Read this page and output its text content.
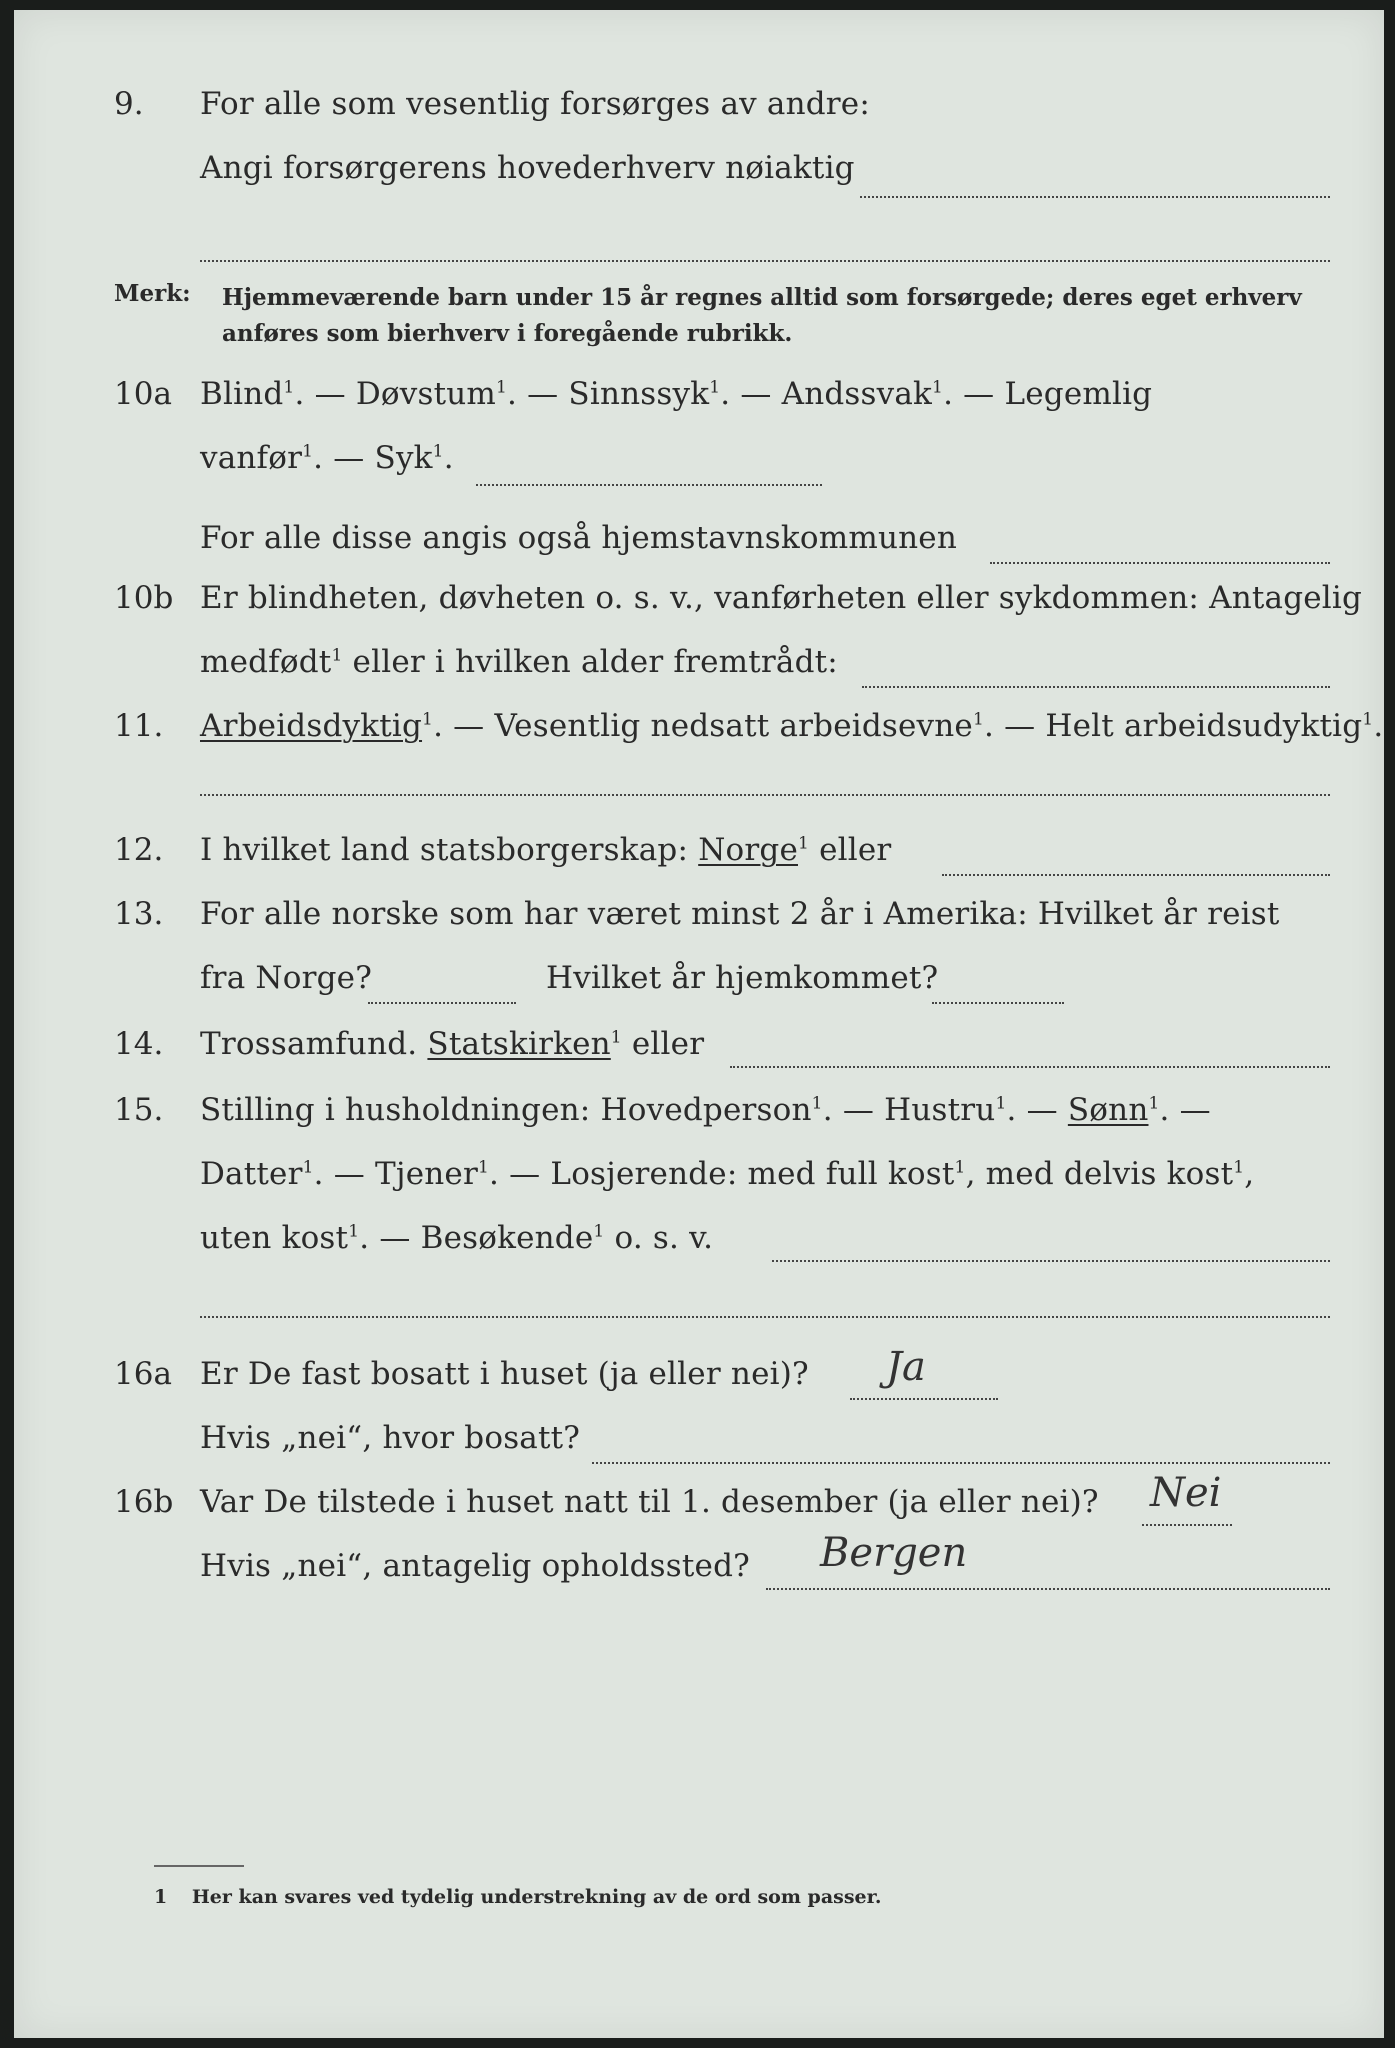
9. For alle som vesentlig forsørges av andre:
Angi forsørgerens hovederhverv nøiaktig
Merk: Hjemmeværende barn under 15 år regnes alltid som forsørgede; deres eget erhverv
anføres som bierhverv i foregående rubrikk.
10a Blind$^1$. — Døvstum$^1$. — Sinnssyk$^1$. — Andssvak$^1$. — Legemlig
vanfør$^1$. — Syk$^1$.
For alle disse angis også hjemstavnskommunen
10b Er blindheten, døvheten o. s. v., vanførheten eller sykdommen: Antagelig
medfødt$^1$ eller i hvilken alder fremtrådt:
11. Arbeidsdyktig$^1$. — Vesentlig nedsatt arbeidsevne$^1$. — Helt arbeidsudyktig$^1$.
12. I hvilket land statsborgerskap: Norge$^1$ eller
13. For alle norske som har været minst 2 år i Amerika: Hvilket år reist
fra Norge?	Hvilket år hjemkommet?
14. Trossamfund. Statskirken$^1$ eller
15. Stilling i husholdningen: Hovedperson$^1$. — Hustru$^1$. — Sønn$^1$. —
Datter$^1$. — Tjener$^1$. — Losjerende: med full kost$^1$, med delvis kost$^1$,
uten kost$^1$. — Besøkende$^1$ o. s. v.
16a Er De fast bosatt i huset (ja eller nei)? Ja
Hvis „nei“, hvor bosatt?
16b Var De tilstede i huset natt til 1. desember (ja eller nei)? Nei
Hvis „nei“, antagelig opholdssted? Bergen
1 Her kan svares ved tydelig understrekning av de ord som passer.
